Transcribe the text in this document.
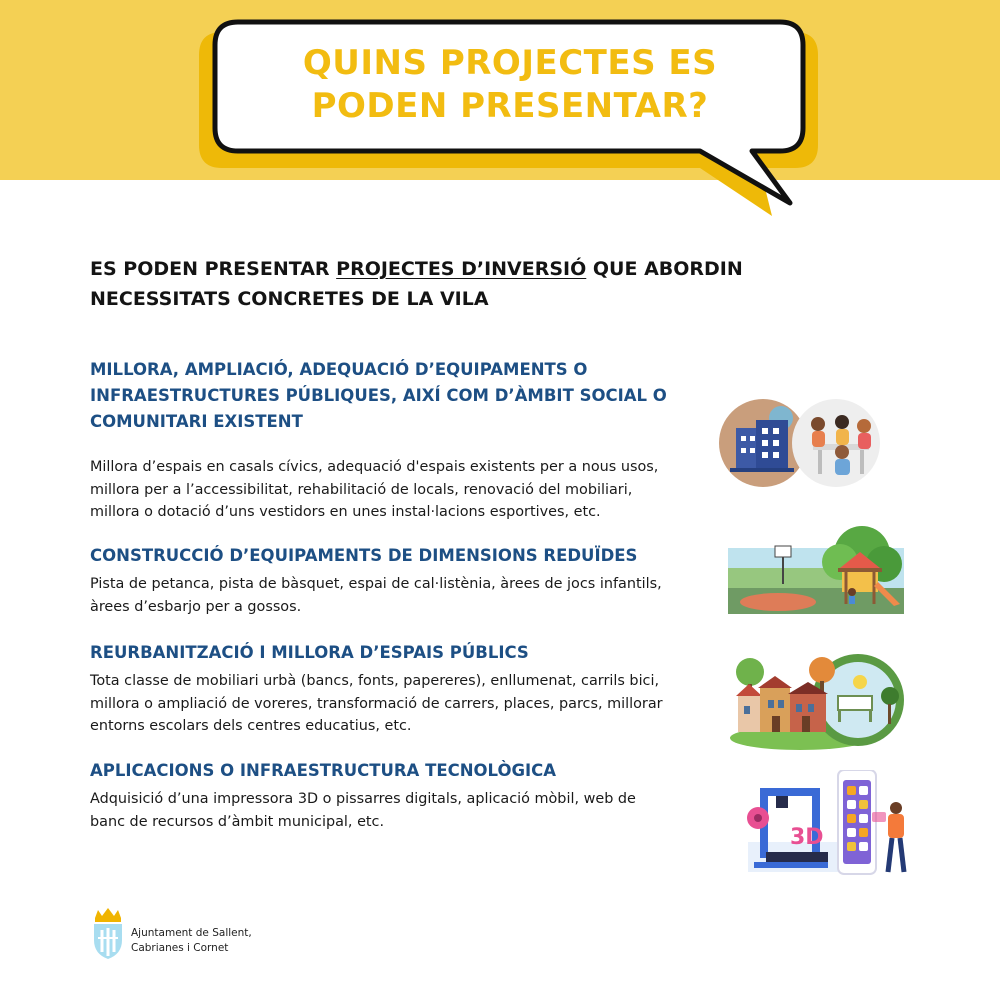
QUINS PROJECTES ES
PODEN PRESENTAR?

ES PODEN PRESENTAR PROJECTES D’INVERSIÓ QUE ABORDIN
NECESSITATS CONCRETES DE LA VILA

MILLORA, AMPLIACIÓ, ADEQUACIÓ D’EQUIPAMENTS O
INFRAESTRUCTURES PÚBLIQUES, AIXÍ COM D’ÀMBIT SOCIAL O
COMUNITARI EXISTENT

Millora d’espais en casals cívics, adequació d'espais existents per a nous usos,
millora per a l’accessibilitat, rehabilitació de locals, renovació del mobiliari,
millora o dotació d’uns vestidors en unes instal·lacions esportives, etc.

CONSTRUCCIÓ D’EQUIPAMENTS DE DIMENSIONS REDUÏDES

Pista de petanca, pista de bàsquet, espai de cal·listènia, àrees de jocs infantils,
àrees d’esbarjo per a gossos.

REURBANITZACIÓ I MILLORA D’ESPAIS PÚBLICS

Tota classe de mobiliari urbà (bancs, fonts, papereres), enllumenat, carrils bici,
millora o ampliació de voreres, transformació de carrers, places, parcs, millorar
entorns escolars dels centres educatius, etc.

APLICACIONS O INFRAESTRUCTURA TECNOLÒGICA

Adquisició d’una impressora 3D o pissarres digitals, aplicació mòbil, web de
banc de recursos d’àmbit municipal, etc.

3D

Ajuntament de Sallent,
Cabrianes i Cornet
